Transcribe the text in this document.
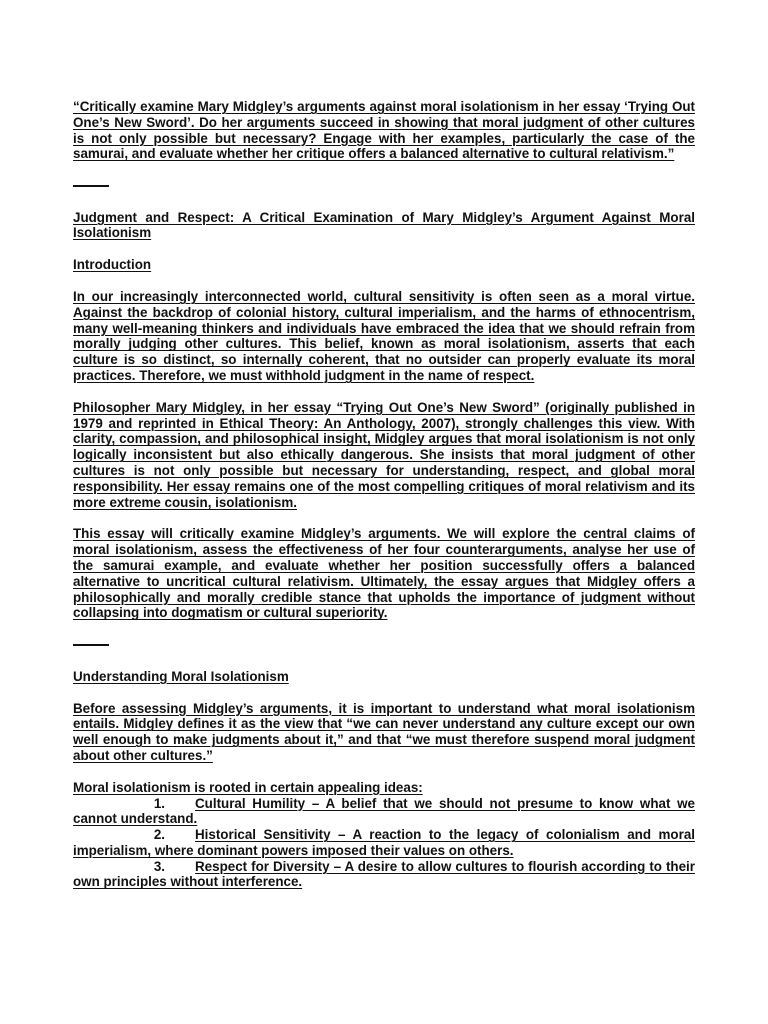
“Critically examine Mary Midgley’s arguments against moral isolationism in her essay ‘Trying Out One’s New Sword’. Do her arguments succeed in showing that moral judgment of other cultures is not only possible but necessary? Engage with her examples, particularly the case of the samurai, and evaluate whether her critique offers a balanced alternative to cultural relativism.”

Judgment and Respect: A Critical Examination of Mary Midgley’s Argument Against Moral Isolationism

Introduction

In our increasingly interconnected world, cultural sensitivity is often seen as a moral virtue. Against the backdrop of colonial history, cultural imperialism, and the harms of ethnocentrism, many well-meaning thinkers and individuals have embraced the idea that we should refrain from morally judging other cultures. This belief, known as moral isolationism, asserts that each culture is so distinct, so internally coherent, that no outsider can properly evaluate its moral practices. Therefore, we must withhold judgment in the name of respect.

Philosopher Mary Midgley, in her essay “Trying Out One’s New Sword” (originally published in 1979 and reprinted in Ethical Theory: An Anthology, 2007), strongly challenges this view. With clarity, compassion, and philosophical insight, Midgley argues that moral isolationism is not only logically inconsistent but also ethically dangerous. She insists that moral judgment of other cultures is not only possible but necessary for understanding, respect, and global moral responsibility. Her essay remains one of the most compelling critiques of moral relativism and its more extreme cousin, isolationism.

This essay will critically examine Midgley’s arguments. We will explore the central claims of moral isolationism, assess the effectiveness of her four counterarguments, analyse her use of the samurai example, and evaluate whether her position successfully offers a balanced alternative to uncritical cultural relativism. Ultimately, the essay argues that Midgley offers a philosophically and morally credible stance that upholds the importance of judgment without collapsing into dogmatism or cultural superiority.

Understanding Moral Isolationism

Before assessing Midgley’s arguments, it is important to understand what moral isolationism entails. Midgley defines it as the view that “we can never understand any culture except our own well enough to make judgments about it,” and that “we must therefore suspend moral judgment about other cultures.”

Moral isolationism is rooted in certain appealing ideas:

1. Cultural Humility – A belief that we should not presume to know what we cannot understand.
2. Historical Sensitivity – A reaction to the legacy of colonialism and moral imperialism, where dominant powers imposed their values on others.
3. Respect for Diversity – A desire to allow cultures to flourish according to their own principles without interference.
